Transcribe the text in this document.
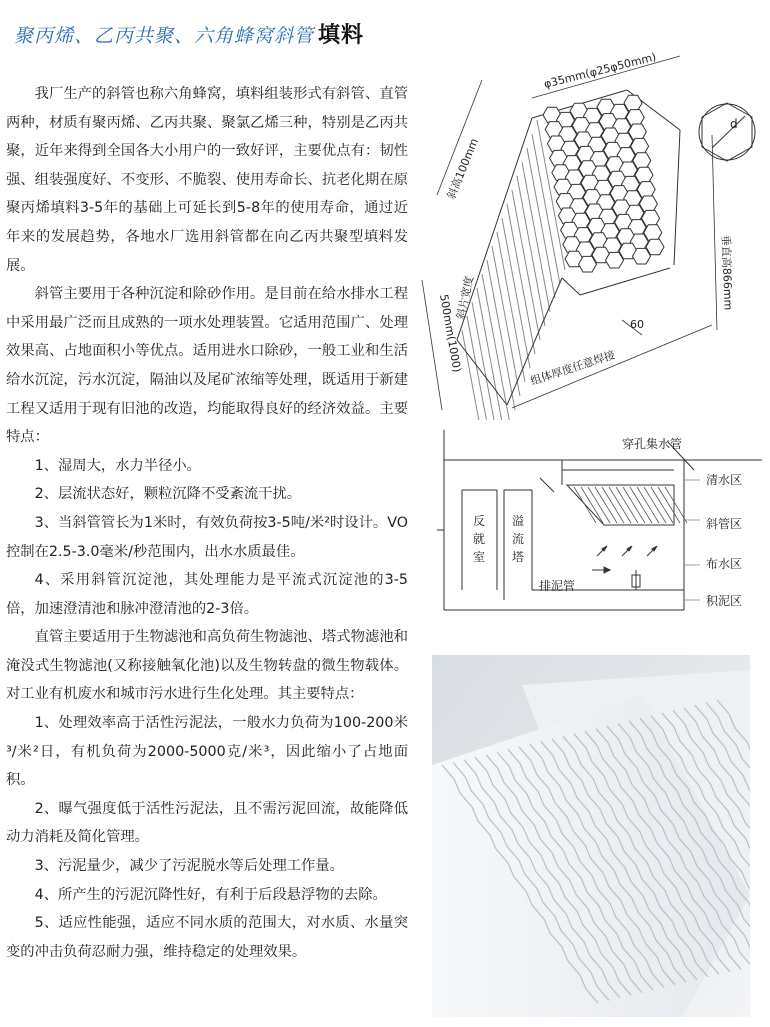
聚丙烯、乙丙共聚、六角蜂窝斜管 填料

我厂生产的斜管也称六角蜂窝，填料组装形式有斜管、直管两种，材质有聚丙烯、乙丙共聚、聚氯乙烯三种，特别是乙丙共聚，近年来得到全国各大小用户的一致好评，主要优点有：韧性强、组装强度好、不变形、不脆裂、使用寿命长、抗老化期在原聚丙烯填料3-5年的基础上可延长到5-8年的使用寿命，通过近年来的发展趋势，各地水厂选用斜管都在向乙丙共聚型填料发展。

斜管主要用于各种沉淀和除砂作用。是目前在给水排水工程中采用最广泛而且成熟的一项水处理装置。它适用范围广、处理效果高、占地面积小等优点。适用进水口除砂，一般工业和生活给水沉淀，污水沉淀，隔油以及尾矿浓缩等处理，既适用于新建工程又适用于现有旧池的改造，均能取得良好的经济效益。主要特点：

1、湿周大，水力半径小。

2、层流状态好，颗粒沉降不受紊流干扰。

3、当斜管管长为1米时，有效负荷按3-5吨/米²时设计。VO控制在2.5-3.0毫米/秒范围内，出水水质最佳。

4、采用斜管沉淀池，其处理能力是平流式沉淀池的3-5倍，加速澄清池和脉冲澄清池的2-3倍。

直管主要适用于生物滤池和高负荷生物滤池、塔式物滤池和淹没式生物滤池(又称接触氧化池)以及生物转盘的微生物载体。对工业有机废水和城市污水进行生化处理。其主要特点：

1、处理效率高于活性污泥法，一般水力负荷为100-200米³/米²日，有机负荷为2000-5000克/米³，因此缩小了占地面积。

2、曝气强度低于活性污泥法，且不需污泥回流，故能降低动力消耗及简化管理。

3、污泥量少，减少了污泥脱水等后处理工作量。

4、所产生的污泥沉降性好，有利于后段悬浮物的去除。

5、适应性能强，适应不同水质的范围大，对水质、水量突变的冲击负荷忍耐力强，维持稳定的处理效果。

d
φ35mm(φ25φ50mm)
斜高100mm
垂直高866mm
斜片宽度
500mm(1000)	60
组体厚度任意焊接
穿孔集水管
清水区
斜管区
布水区
积泥区
排泥管
反就室
溢流塔
